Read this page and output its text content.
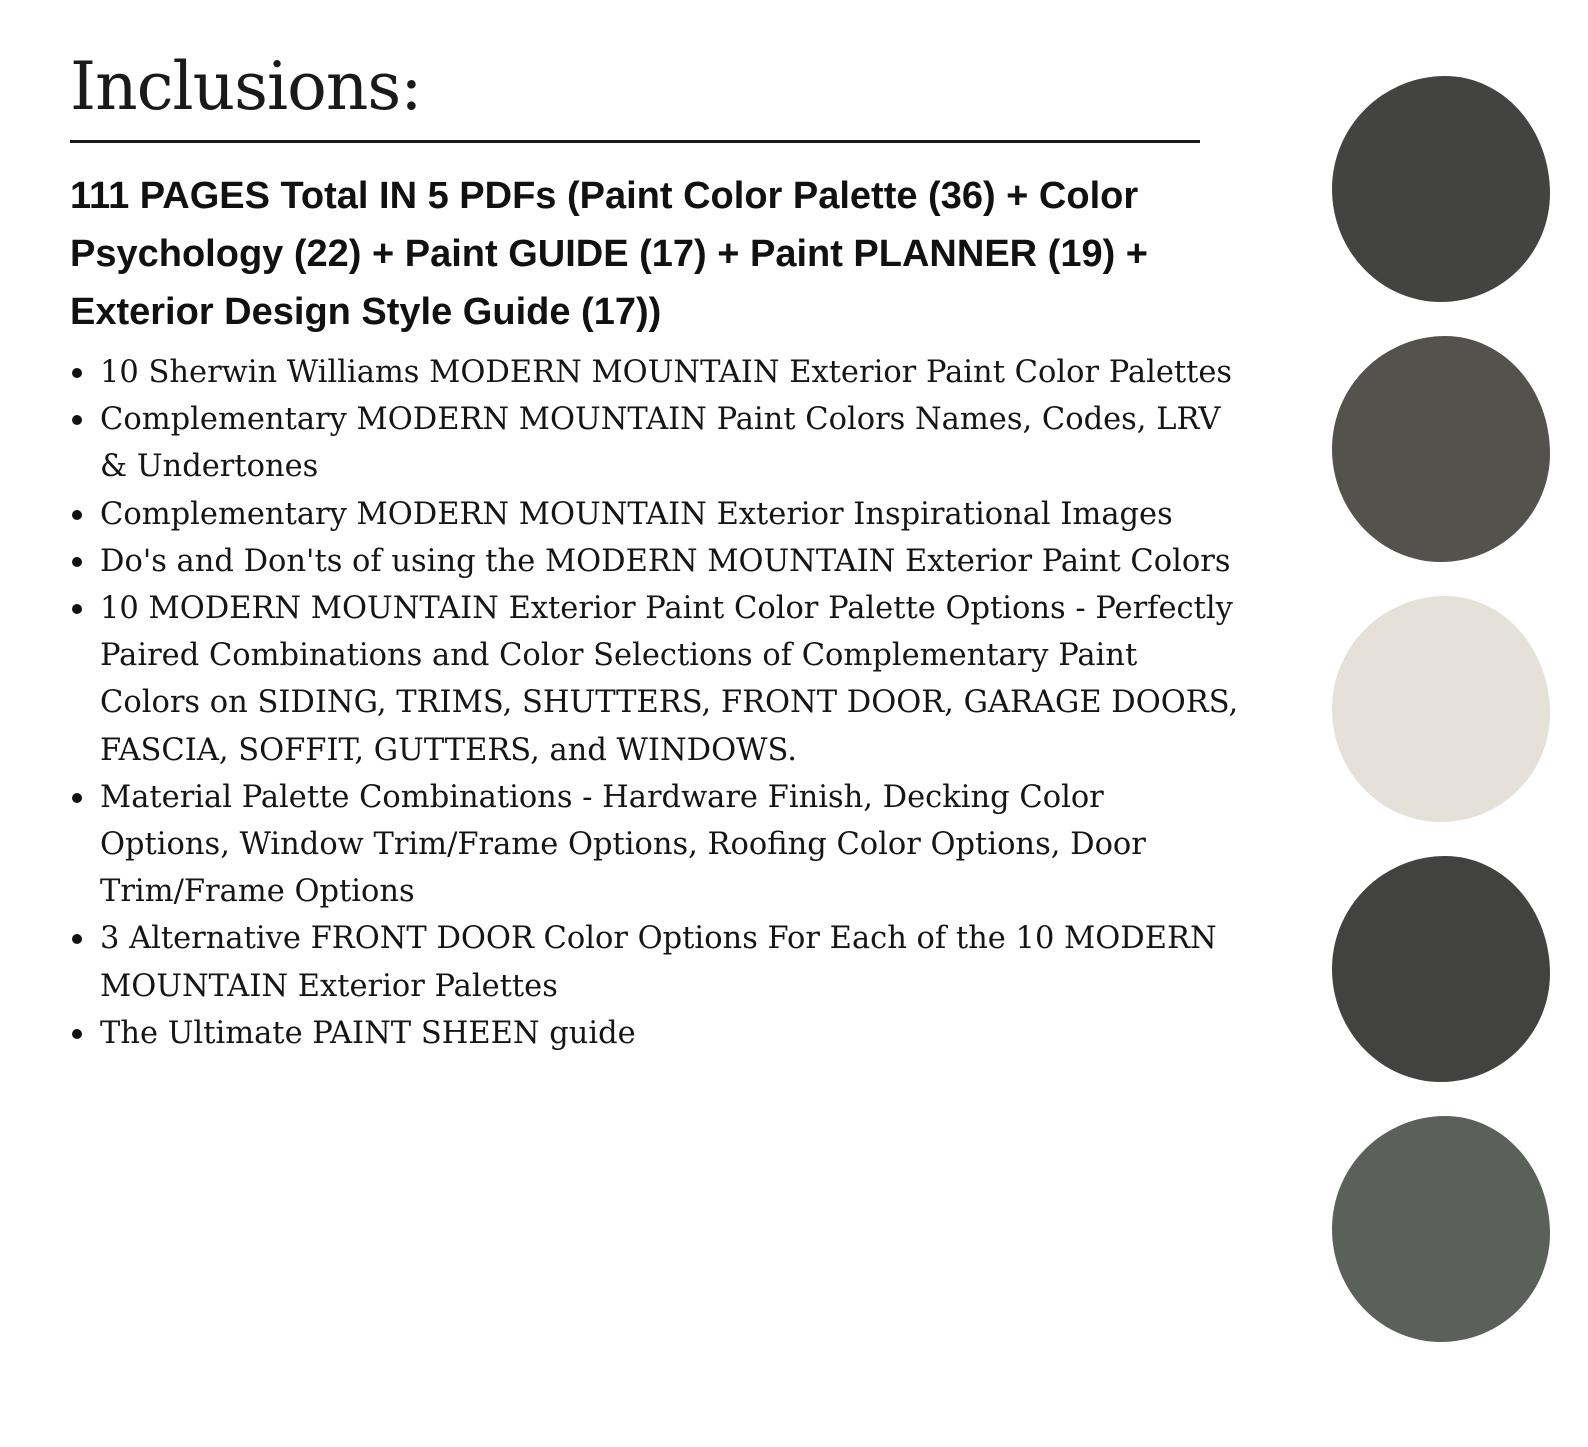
Inclusions:

111 PAGES Total IN 5 PDFs (Paint Color Palette (36) + Color Psychology (22) + Paint GUIDE (17) + Paint PLANNER (19) + Exterior Design Style Guide (17))

10 Sherwin Williams MODERN MOUNTAIN Exterior Paint Color Palettes
Complementary MODERN MOUNTAIN Paint Colors Names, Codes, LRV & Undertones
Complementary MODERN MOUNTAIN Exterior Inspirational Images
Do's and Don'ts of using the MODERN MOUNTAIN Exterior Paint Colors
10 MODERN MOUNTAIN Exterior Paint Color Palette Options - Perfectly Paired Combinations and Color Selections of Complementary Paint Colors on SIDING, TRIMS, SHUTTERS, FRONT DOOR, GARAGE DOORS, FASCIA, SOFFIT, GUTTERS, and WINDOWS.
Material Palette Combinations - Hardware Finish, Decking Color Options, Window Trim/Frame Options, Roofing Color Options, Door Trim/Frame Options
3 Alternative FRONT DOOR Color Options For Each of the 10 MODERN MOUNTAIN Exterior Palettes
The Ultimate PAINT SHEEN guide
